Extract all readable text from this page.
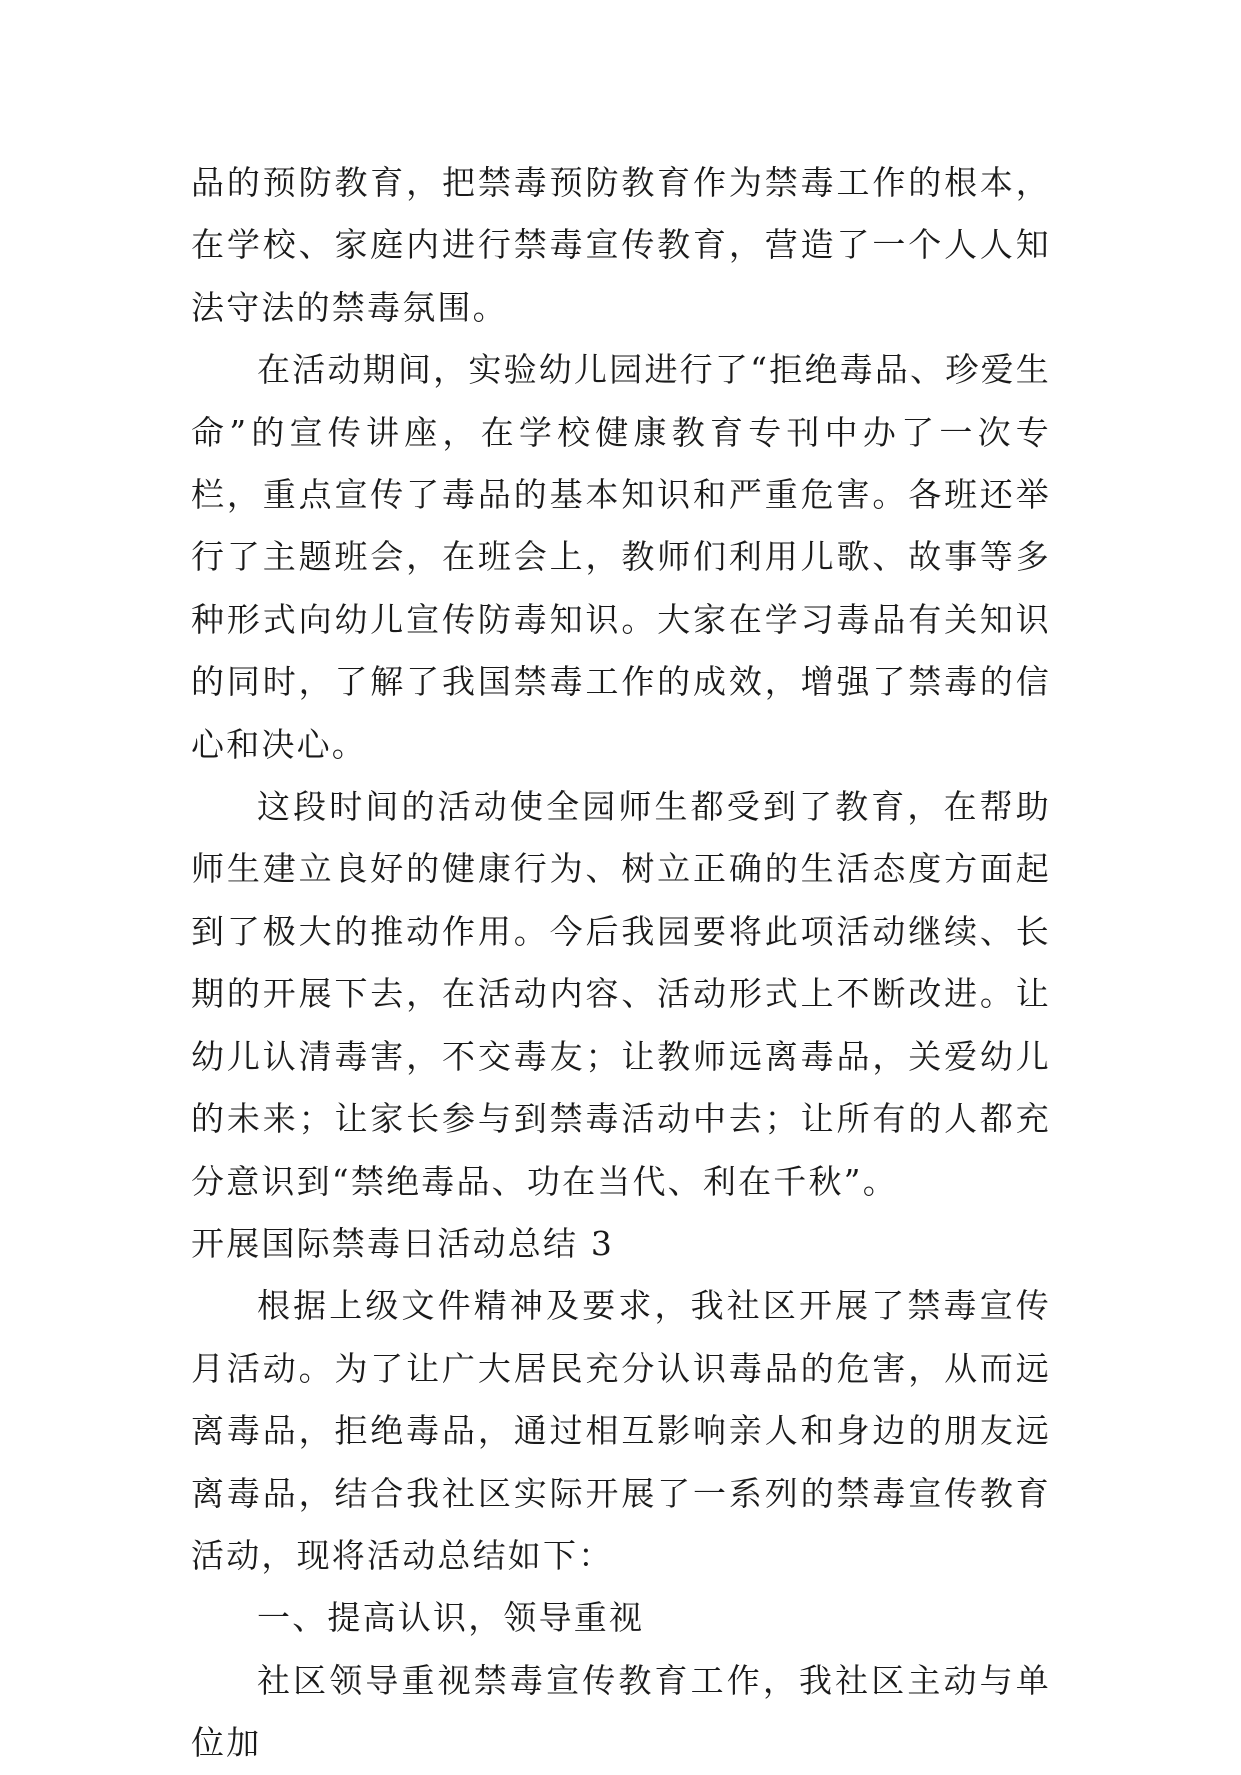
品的预防教育，把禁毒预防教育作为禁毒工作的根本，在学校、家庭内进行禁毒宣传教育，营造了一个人人知法守法的禁毒氛围。

在活动期间，实验幼儿园进行了“拒绝毒品、珍爱生命”的宣传讲座，在学校健康教育专刊中办了一次专栏，重点宣传了毒品的基本知识和严重危害。各班还举行了主题班会，在班会上，教师们利用儿歌、故事等多种形式向幼儿宣传防毒知识。大家在学习毒品有关知识的同时，了解了我国禁毒工作的成效，增强了禁毒的信心和决心。

这段时间的活动使全园师生都受到了教育，在帮助师生建立良好的健康行为、树立正确的生活态度方面起到了极大的推动作用。今后我园要将此项活动继续、长期的开展下去，在活动内容、活动形式上不断改进。让幼儿认清毒害，不交毒友；让教师远离毒品，关爱幼儿的未来；让家长参与到禁毒活动中去；让所有的人都充分意识到“禁绝毒品、功在当代、利在千秋”。

开展国际禁毒日活动总结 3

根据上级文件精神及要求，我社区开展了禁毒宣传月活动。为了让广大居民充分认识毒品的危害，从而远离毒品，拒绝毒品，通过相互影响亲人和身边的朋友远离毒品，结合我社区实际开展了一系列的禁毒宣传教育活动，现将活动总结如下：

一、提高认识，领导重视

社区领导重视禁毒宣传教育工作，我社区主动与单位加
